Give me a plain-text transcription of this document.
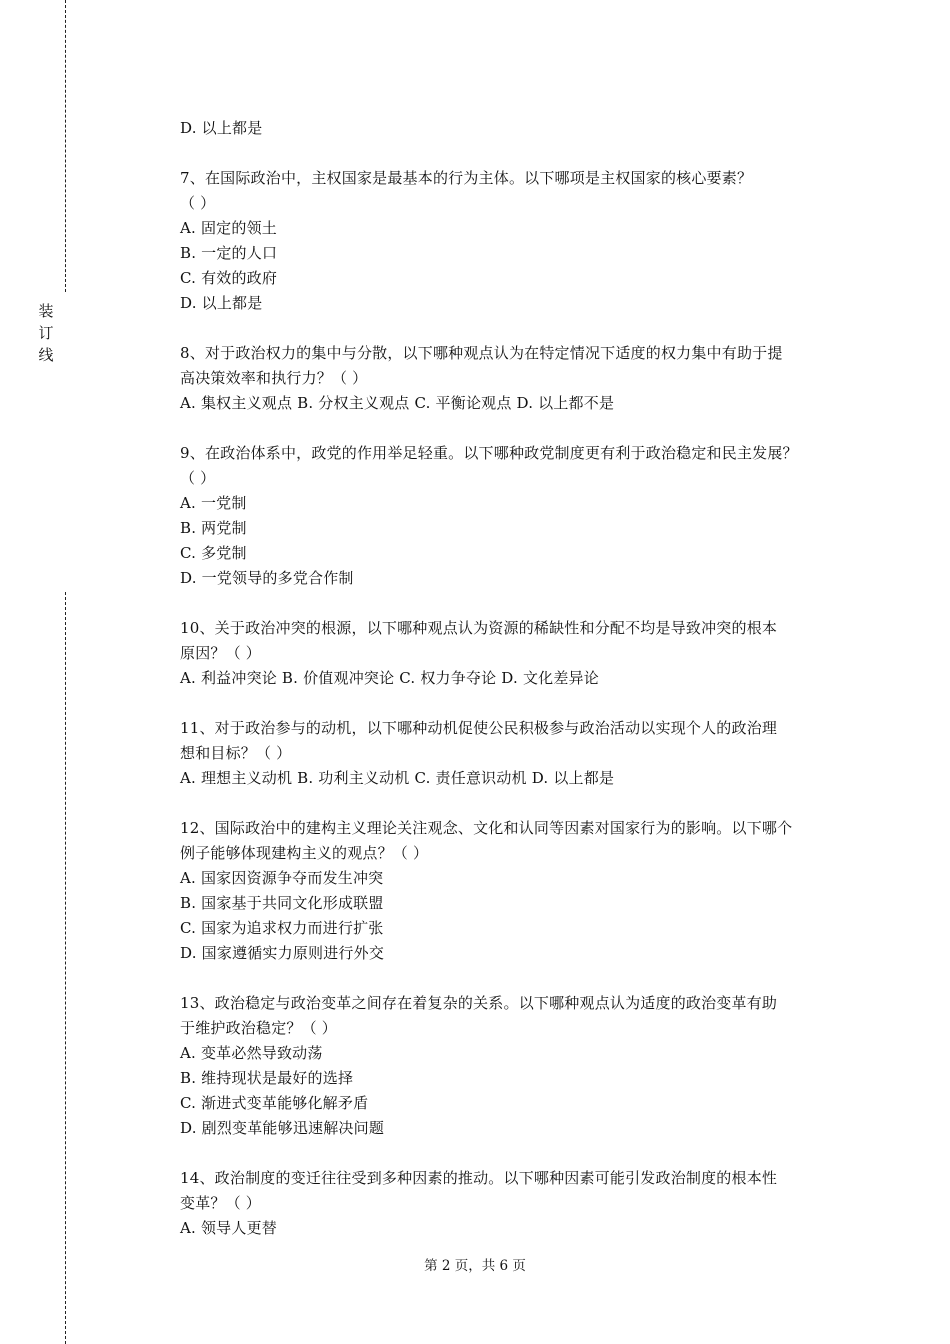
装
订
线
D. 以上都是
7、在国际政治中，主权国家是最基本的行为主体。以下哪项是主权国家的核心要素？
（ ）
A. 固定的领土
B. 一定的人口
C. 有效的政府
D. 以上都是
8、对于政治权力的集中与分散，以下哪种观点认为在特定情况下适度的权力集中有助于提
高决策效率和执行力？（ ）
A. 集权主义观点 B. 分权主义观点 C. 平衡论观点 D. 以上都不是
9、在政治体系中，政党的作用举足轻重。以下哪种政党制度更有利于政治稳定和民主发展？
（ ）
A. 一党制
B. 两党制
C. 多党制
D. 一党领导的多党合作制
10、关于政治冲突的根源，以下哪种观点认为资源的稀缺性和分配不均是导致冲突的根本
原因？（ ）
A. 利益冲突论 B. 价值观冲突论 C. 权力争夺论 D. 文化差异论
11、对于政治参与的动机，以下哪种动机促使公民积极参与政治活动以实现个人的政治理
想和目标？（ ）
A. 理想主义动机 B. 功利主义动机 C. 责任意识动机 D. 以上都是
12、国际政治中的建构主义理论关注观念、文化和认同等因素对国家行为的影响。以下哪个
例子能够体现建构主义的观点？（ ）
A. 国家因资源争夺而发生冲突
B. 国家基于共同文化形成联盟
C. 国家为追求权力而进行扩张
D. 国家遵循实力原则进行外交
13、政治稳定与政治变革之间存在着复杂的关系。以下哪种观点认为适度的政治变革有助
于维护政治稳定？（ ）
A. 变革必然导致动荡
B. 维持现状是最好的选择
C. 渐进式变革能够化解矛盾
D. 剧烈变革能够迅速解决问题
14、政治制度的变迁往往受到多种因素的推动。以下哪种因素可能引发政治制度的根本性
变革？（ ）
A. 领导人更替
第 2 页，共 6 页
